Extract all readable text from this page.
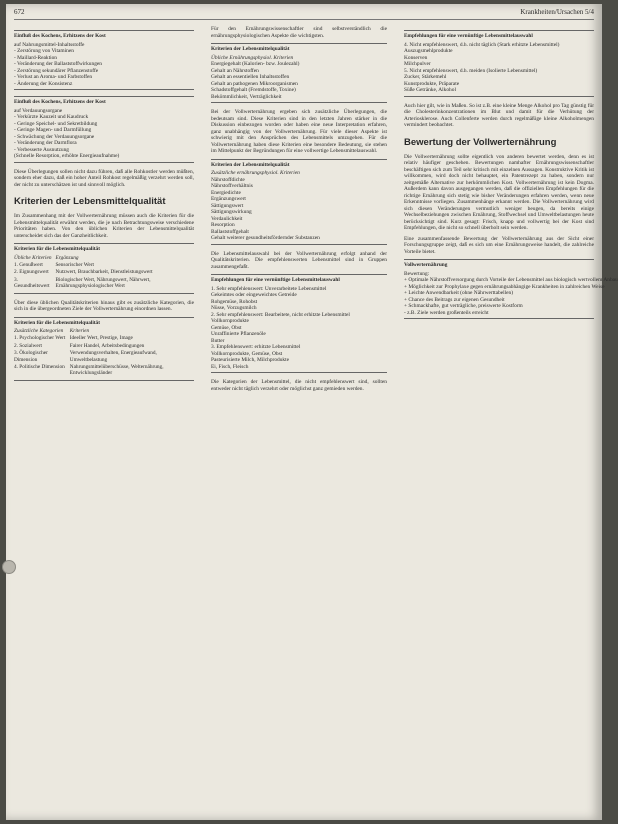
672	Krankheiten/Ursachen 5/4
Einfluß des Kochens, Erhitzens der Kost
auf Nahrungsmittel-Inhaltsstoffe
- Zerstörung von Vitaminen
- Maillard-Reaktion
- Veränderung der Ballaststoffwirkungen
- Zerstörung sekundärer Pflanzenstoffe
- Verlust an Aroma- und Farbstoffen
- Änderung der Konsistenz
Einfluß des Kochens, Erhitzens der Kost
auf Verdauungsorgane
- Verkürzte Kauzeit und Kaudruck
- Geringe Speichel- und Sekretbildung
- Geringe Magen- und Darmfüllung
- Schwächung der Verdauungsorgane
- Veränderung der Darmflora
- Verbesserte Ausnutzung
(Schnelle Resorption, erhöhte Energieaufnahme)

Diese Überlegungen sollen nicht dazu führen, daß alle Rohkostler werden müßten, sondern eher dazu, daß ein hoher Anteil Rohkost regelmäßig verzehrt werden soll, der nicht zu unterschätzen ist und sinnvoll möglich.

Kriterien der Lebensmittelqualität

Im Zusammenhang mit der Vollwerternährung müssen auch die Kriterien für die Lebensmittelqualität erwähnt werden, die je nach Betrachtungsweise verschiedene Prioritäten haben. Von den üblichen Kriterien der Lebensmittelqualität unterscheidet sich das der Ganzheitlichkeit.

Kriterien für die Lebensmittelqualität
Übliche Kriterien	Ergänzung
1. Genußwert	Sensorischer Wert
2. Eignungswert	Nutzwert, Brauchbarkeit, Dienstleistungswert
3. Gesundheitswert	Biologischer Wert, Nährungswert, Nährwert, Ernährungsphysiologischer Wert

Über diese üblichen Qualitätskriterien hinaus gibt es zusätzliche Kategorien, die sich in die übergeordneten Ziele der Vollwerternährung einordnen lassen.

Kriterien für die Lebensmittelqualität
Zusätzliche Kategorien	Kriterien
1. Psychologischer Wert	Ideeller Wert, Prestige, Image
2. Sozialwert	Fairer Handel, Arbeitsbedingungen
3. Ökologischer Dimension	Verwendungsverhalten, Energieaufwand, Umweltbelastung
4. Politische Dimension	Nahrungsmittelüberschüsse, Welternährung, Entwicklungsländer

Für den Ernährungswissenschaftler sind selbstverständlich die ernährungsphysiologischen Aspekte die wichtigsten.

Kriterien der Lebensmittelqualität
Übliche Ernährungsphysiol. Kriterien
Energiegehalt (Kalorien- bzw. Joulezahl)
Gehalt an Nährstoffen
Gehalt an essentiellen Inhaltsstoffen
Gehalt an pathogenen Mikroorganismen
Schadstoffgehalt (Fremdstoffe, Toxine)
Bekömmlichkeit, Verträglichkeit

Bei der Vollwerternährung ergeben sich zusätzliche Überlegungen, die bedeutsam sind. Diese Kriterien sind in den letzten Jahren stärker in die Diskussion einbezogen worden oder haben eine neue Interpretation erfahren, ganz unabhängig von der Vollwerternährung. Für viele dieser Aspekte ist schwierig mit den Ansprüchen des Lebensmittels umzugehen. Für die Vollwerternährung haben diese Kriterien eine besondere Bedeutung, sie stehen im Mittelpunkt der Begründungen für eine vollwertige Lebensmittelauswahl.

Kriterien der Lebensmittelqualität
Zusätzliche ernährungsphysiol. Kriterien
Nährstoffdichte
Nährstoffverhältnis
Energiedichte
Ergänzungswert
Sättigungswert
Sättigungswirkung
Verdaulichkeit
Resorption
Ballaststoffgehalt
Gehalt weiterer gesundheitsfördernder Substanzen

Die Lebensmittelauswahl bei der Vollwerternährung erfolgt anhand der Qualitätskriterien. Die empfehlenswerten Lebensmittel sind in Gruppen zusammengefaßt.

Empfehlungen für eine vernünftige Lebensmittelauswahl
1. Sehr empfehlenswert: Unverarbeitete Lebensmittel
Gekeimtes oder eingeweichtes Getreide
Rohgemüse, Rohobst
Nüsse, Vorzugsmilch
2. Sehr empfehlenswert: Bearbeitete, nicht erhitzte Lebensmittel
Vollkornprodukte
Gemüse, Obst
Unraffinierte Pflanzenöle
Butter
3. Empfehlenswert: erhitzte Lebensmittel
Vollkornprodukte, Gemüse, Obst
Pasteurisierte Milch, Milchprodukte
Ei, Fisch, Fleisch

Die Kategorien der Lebensmittel, die nicht empfehlenswert sind, sollten entweder nicht täglich verzehrt oder möglichst ganz gemieden werden.

Empfehlungen für eine vernünftige Lebensmittelauswahl
4. Nicht empfehlenswert, d.h. nicht täglich (Stark erhitzte Lebensmittel)
Auszugsmehlprodukte
Konserven
Milchpulver
5. Nicht empfehlenswert, d.h. meiden (Isolierte Lebensmittel)
Zucker, Stärkemehl
Kunstprodukte, Präparate
Süße Getränke, Alkohol

Auch hier gilt, wie in Maßen. So ist z.B. eine kleine Menge Alkohol pro Tag günstig für die Cholesterinkonzentrationen im Blut und damit für die Verhütung der Arteriosklerose. Auch Collenferte werden durch regelmäßige kleine Alkoholmengen vermindert beobachtet.

Bewertung der Vollwerternährung

Die Vollwerternährung sollte eigentlich von anderen bewertet werden, denn es ist relativ häufiger geschehen. Bewertungen namhafter Ernährungswissenschaftler beschäftigen sich zum Teil sehr kritisch mit einzelnen Aussagen. Konstruktive Kritik ist willkommen, wird doch nicht behauptet, ein Patentrezept zu haben, sondern nur zeitgemäße Alternative zur herkömmlichen Kost. Vollwerternährung ist kein Dogma. Außerdem kann davon ausgegangen werden, daß die offiziellen Empfehlungen für die richtige Ernährung sich stetig wie bisher Veränderungen erfahren werden, wenn neue Erkenntnisse vorliegen. Zusammenhänge erkannt werden. Die Vollwerternährung wird sich diesen Veränderungen vermutlich weniger beugen, da bereits einige Wechselbeziehungen zwischen Ernährung, Stoffwechsel und Umweltbelastungen heute berücksichtigt sind. Kurz gesagt: Frisch, knapp und vollwertig bei der Kost sind Empfehlungen, die nicht so schnell überholt sein werden.

Eine zusammenfassende Bewertung der Vollwerternährung aus der Sicht einer Forschungsgruppe zeigt, daß es sich um eine Ernährungsweise handelt, die zahlreiche Vorteile bietet.

Vollwerternährung
Bewertung:
+ Optimale Nährstoffversorgung durch Vorteile der Lebensmittel aus biologisch wertvollem Anbau
+ Möglichkeit zur Prophylaxe gegen ernährungsabhängige Krankheiten in zahlreichen Weise
+ Leichte Anwendbarkeit (ohne Nährwerttabellen)
+ Chance des Beitrags zur eigenen Gesundheit
+ Schmackhafte, gut verträgliche, preiswerte Kostform
- z.B. Ziele werden großenteils erreicht
